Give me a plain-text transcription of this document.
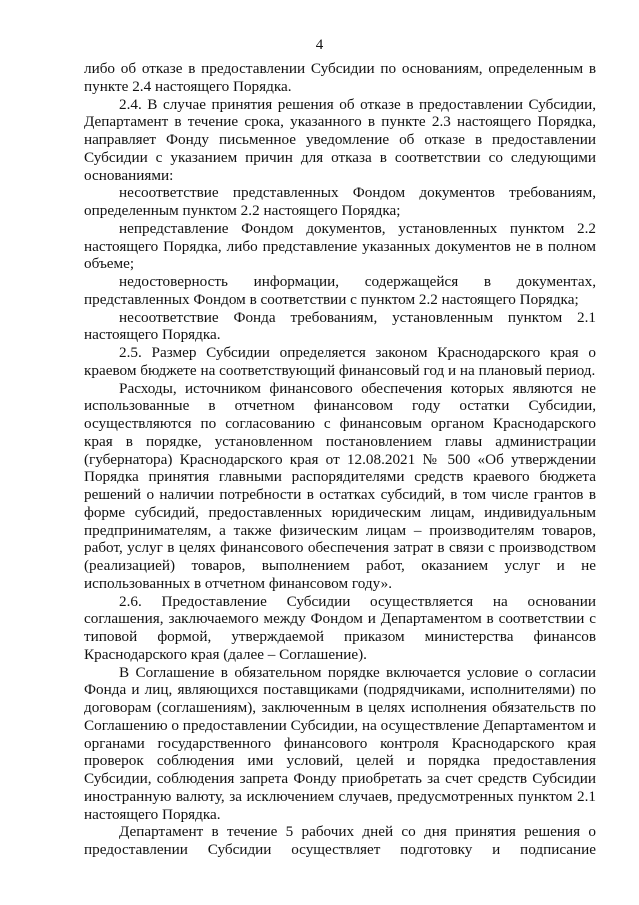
4

либо об отказе в предоставлении Субсидии по основаниям, определенным в пункте 2.4 настоящего Порядка.

2.4. В случае принятия решения об отказе в предоставлении Субсидии, Департамент в течение срока, указанного в пункте 2.3 настоящего Порядка, направляет Фонду письменное уведомление об отказе в предоставлении Субсидии с указанием причин для отказа в соответствии со следующими основаниями:

несоответствие представленных Фондом документов требованиям, определенным пунктом 2.2 настоящего Порядка;

непредставление Фондом документов, установленных пунктом 2.2 настоящего Порядка, либо представление указанных документов не в полном объеме;

недостоверность информации, содержащейся в документах, представленных Фондом в соответствии с пунктом 2.2 настоящего Порядка;

несоответствие Фонда требованиям, установленным пунктом 2.1 настоящего Порядка.

2.5. Размер Субсидии определяется законом Краснодарского края о краевом бюджете на соответствующий финансовый год и на плановый период.

Расходы, источником финансового обеспечения которых являются не использованные в отчетном финансовом году остатки Субсидии, осуществляются по согласованию с финансовым органом Краснодарского края в порядке, установленном постановлением главы администрации (губернатора) Краснодарского края от 12.08.2021 № 500 «Об утверждении Порядка принятия главными распорядителями средств краевого бюджета решений о наличии потребности в остатках субсидий, в том числе грантов в форме субсидий, предоставленных юридическим лицам, индивидуальным предпринимателям, а также физическим лицам – производителям товаров, работ, услуг в целях финансового обеспечения затрат в связи с производством (реализацией) товаров, выполнением работ, оказанием услуг и не использованных в отчетном финансовом году».

2.6. Предоставление Субсидии осуществляется на основании соглашения, заключаемого между Фондом и Департаментом в соответствии с типовой формой, утверждаемой приказом министерства финансов Краснодарского края (далее – Соглашение).

В Соглашение в обязательном порядке включается условие о согласии Фонда и лиц, являющихся поставщиками (подрядчиками, исполнителями) по договорам (соглашениям), заключенным в целях исполнения обязательств по Соглашению о предоставлении Субсидии, на осуществление Департаментом и органами государственного финансового контроля Краснодарского края проверок соблюдения ими условий, целей и порядка предоставления Субсидии, соблюдения запрета Фонду приобретать за счет средств Субсидии иностранную валюту, за исключением случаев, предусмотренных пунктом 2.1 настоящего Порядка.

Департамент в течение 5 рабочих дней со дня принятия решения о предоставлении Субсидии осуществляет подготовку и подписание
